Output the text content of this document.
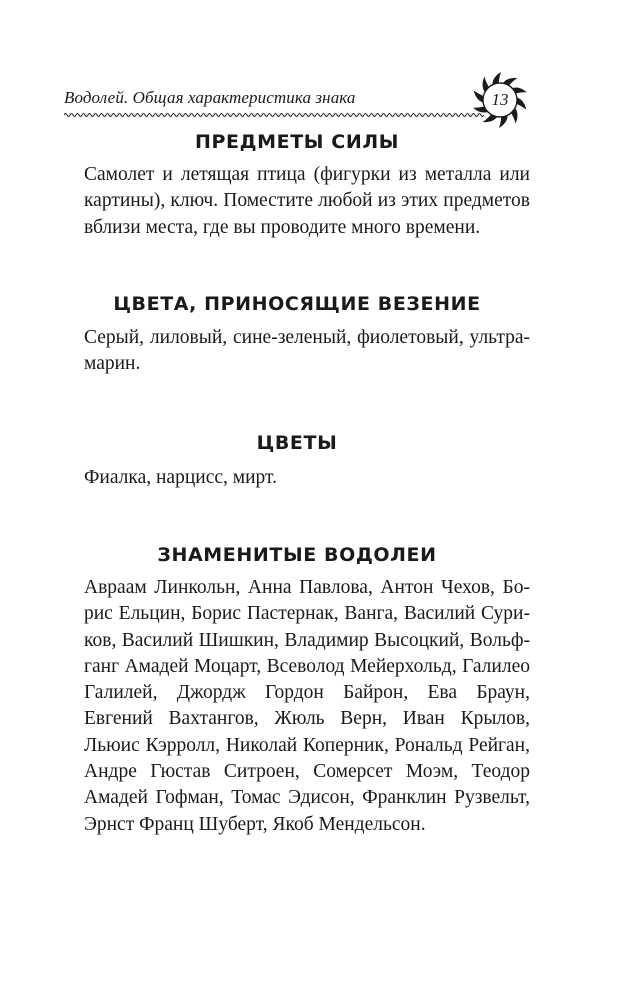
Водолей. Общая характеристика знака	13
ПРЕДМЕТЫ СИЛЫ

Самолет и летящая птица (фигурки из металла или картины), ключ. Поместите любой из этих предметов вблизи места, где вы проводите много времени.

ЦВЕТА, ПРИНОСЯЩИЕ ВЕЗЕНИЕ

Серый, лиловый, сине-зеленый, фиолетовый, ультрамарин.

ЦВЕТЫ

Фиалка, нарцисс, мирт.

ЗНАМЕНИТЫЕ ВОДОЛЕИ

Авраам Линкольн, Анна Павлова, Антон Чехов, Борис Ельцин, Борис Пастернак, Ванга, Василий Суриков, Василий Шишкин, Владимир Высоцкий, Вольфганг Амадей Моцарт, Всеволод Мейерхольд, Галилео Галилей, Джордж Гордон Байрон, Ева Браун, Евгений Вахтангов, Жюль Верн, Иван Крылов, Льюис Кэрролл, Николай Коперник, Рональд Рейган, Андре Гюстав Ситроен, Сомерсет Моэм, Теодор Амадей Гофман, Томас Эдисон, Франклин Рузвельт, Эрнст Франц Шуберт, Якоб Мендельсон.
